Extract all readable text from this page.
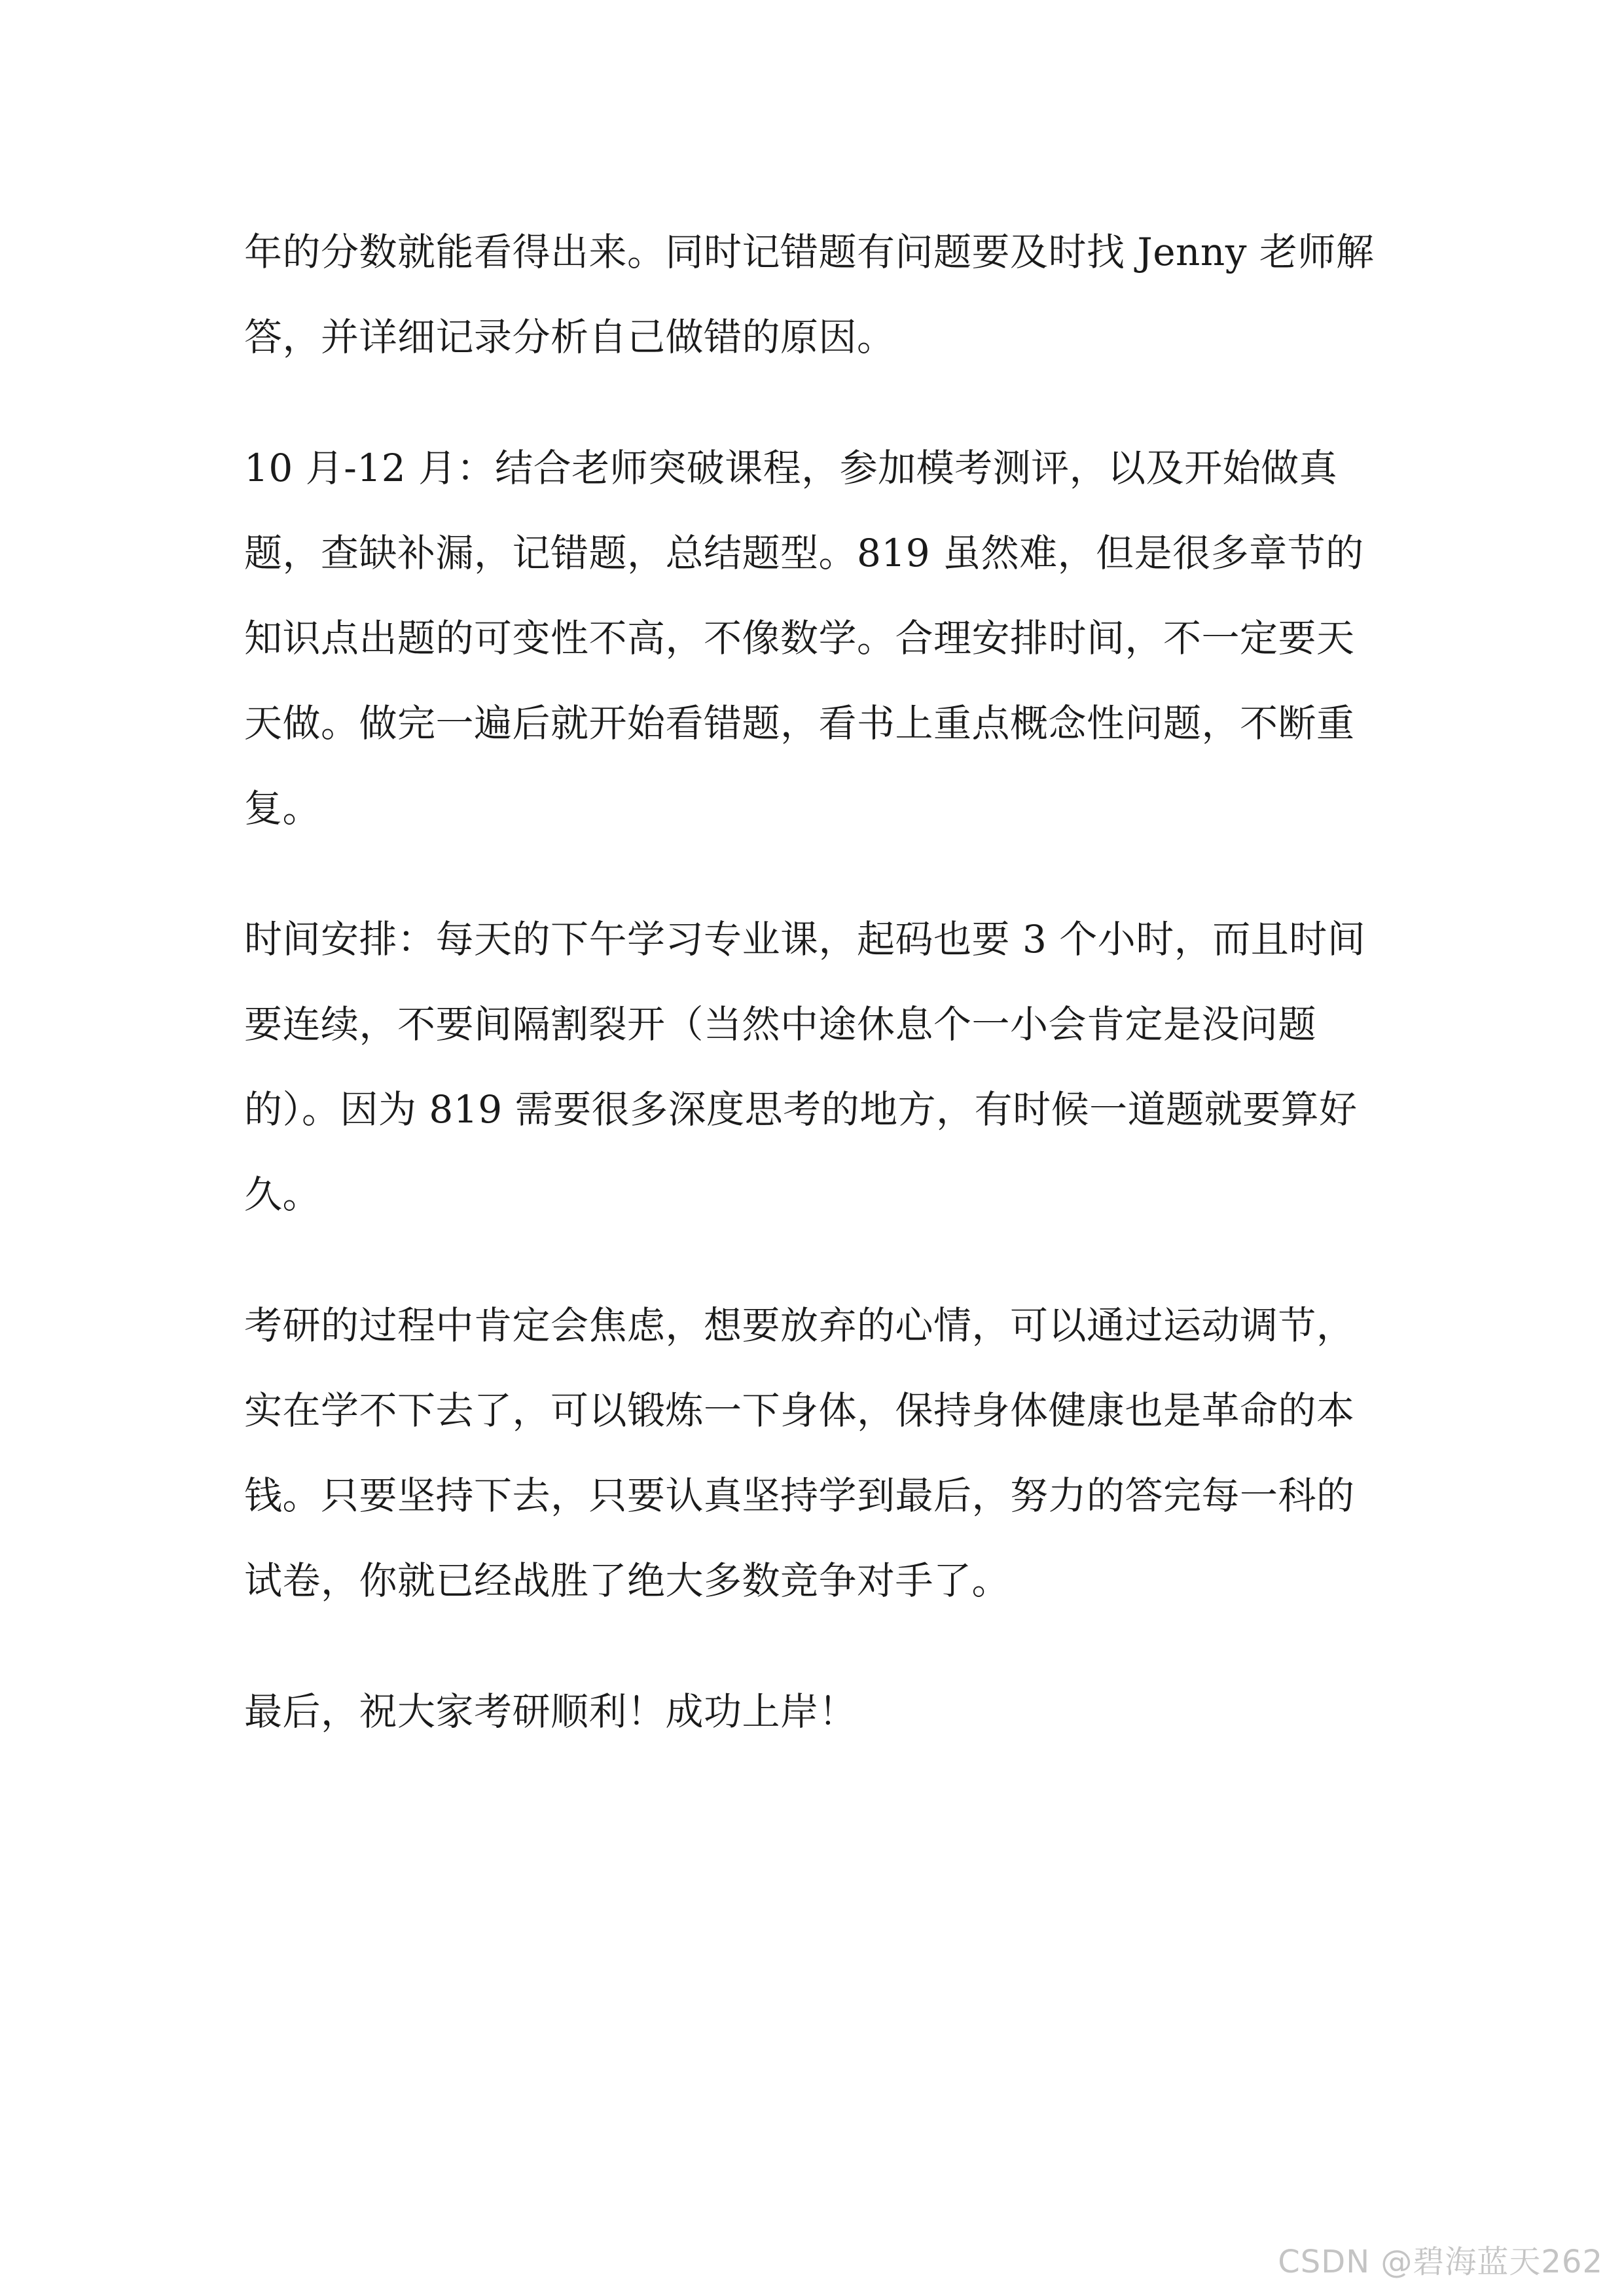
年的分数就能看得出来。同时记错题有问题要及时找 Jenny 老师解答，并详细记录分析自己做错的原因。

10 月-12 月：结合老师突破课程，参加模考测评，以及开始做真题，查缺补漏，记错题，总结题型。819 虽然难，但是很多章节的知识点出题的可变性不高，不像数学。合理安排时间，不一定要天天做。做完一遍后就开始看错题，看书上重点概念性问题，不断重复。

时间安排：每天的下午学习专业课，起码也要 3 个小时，而且时间要连续，不要间隔割裂开（当然中途休息个一小会肯定是没问题的）。因为 819 需要很多深度思考的地方，有时候一道题就要算好久。

考研的过程中肯定会焦虑，想要放弃的心情，可以通过运动调节，实在学不下去了，可以锻炼一下身体，保持身体健康也是革命的本钱。只要坚持下去，只要认真坚持学到最后，努力的答完每一科的试卷，你就已经战胜了绝大多数竞争对手了。

最后，祝大家考研顺利！成功上岸！

CSDN @碧海蓝天262
